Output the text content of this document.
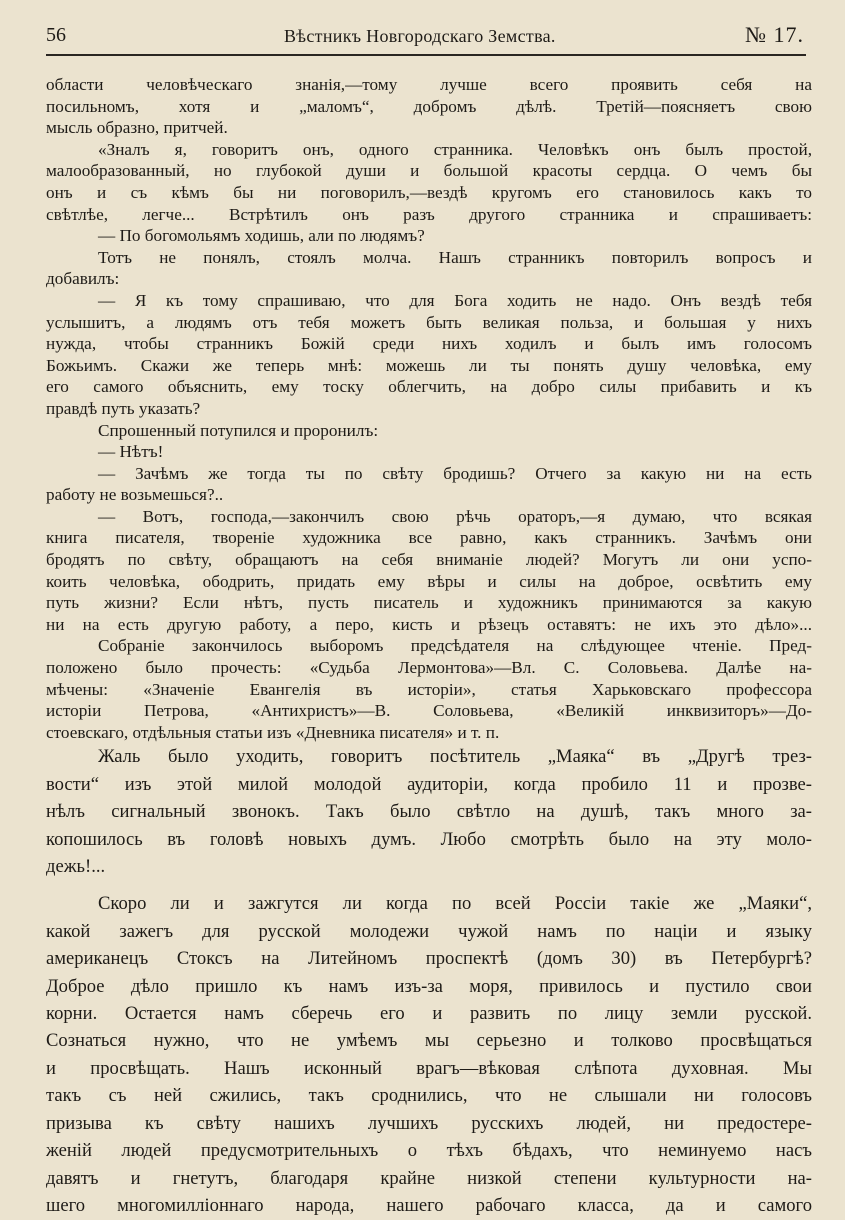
56	Вѣстникъ Новгородскаго Земства.	№ 17.
области человѣческаго знанія,—тому лучше всего проявить себя на
посильномъ, хотя и „маломъ“, добромъ дѣлѣ. Третій—поясняетъ свою
мысль образно, притчей.
«Зналъ я, говоритъ онъ, одного странника. Человѣкъ онъ былъ простой,
малообразованный, но глубокой души и большой красоты сердца. О чемъ бы
онъ и съ кѣмъ бы ни поговорилъ,—вездѣ кругомъ его становилось какъ то
свѣтлѣе, легче... Встрѣтилъ онъ разъ другого странника и спрашиваетъ:
— По богомольямъ ходишь, али по людямъ?
Тотъ не понялъ, стоялъ молча. Нашъ странникъ повторилъ вопросъ и
добавилъ:
— Я къ тому спрашиваю, что для Бога ходить не надо. Онъ вездѣ тебя
услышитъ, а людямъ отъ тебя можетъ быть великая польза, и большая у нихъ
нужда, чтобы странникъ Божій среди нихъ ходилъ и былъ имъ голосомъ
Божьимъ. Скажи же теперь мнѣ: можешь ли ты понять душу человѣка, ему
его самого объяснить, ему тоску облегчить, на добро силы прибавить и къ
правдѣ путь указать?
Спрошенный потупился и проронилъ:
— Нѣтъ!
— Зачѣмъ же тогда ты по свѣту бродишь? Отчего за какую ни на есть
работу не возьмешься?..
— Вотъ, господа,—закончилъ свою рѣчь ораторъ,—я думаю, что всякая
книга писателя, твореніе художника все равно, какъ странникъ. Зачѣмъ они
бродятъ по свѣту, обращаютъ на себя вниманіе людей? Могутъ ли они успо-
коить человѣка, ободрить, придать ему вѣры и силы на доброе, освѣтить ему
путь жизни? Если нѣтъ, пусть писатель и художникъ принимаются за какую
ни на есть другую работу, а перо, кисть и рѣзецъ оставятъ: не ихъ это дѣло»...
Собраніе закончилось выборомъ предсѣдателя на слѣдующее чтеніе. Пред-
положено было прочесть: «Судьба Лермонтова»—Вл. С. Соловьева. Далѣе на-
мѣчены: «Значеніе Евангелія въ исторіи», статья Харьковскаго профессора
исторіи Петрова, «Антихристъ»—В. Соловьева, «Великій инквизиторъ»—До-
стоевскаго, отдѣльныя статьи изъ «Дневника писателя» и т. п.
Жаль было уходить, говоритъ посѣтитель „Маяка“ въ „Другѣ трез-
вости“ изъ этой милой молодой аудиторіи, когда пробило 11 и прозве-
нѣлъ сигнальный звонокъ. Такъ было свѣтло на душѣ, такъ много за-
копошилось въ головѣ новыхъ думъ. Любо смотрѣть было на эту моло-
дежь!...
Скоро ли и зажгутся ли когда по всей Россіи такіе же „Маяки“,
какой зажегъ для русской молодежи чужой намъ по націи и языку
американецъ Стоксъ на Литейномъ проспектѣ (домъ 30) въ Петербургѣ?
Доброе дѣло пришло къ намъ изъ-за моря, привилось и пустило свои
корни. Остается намъ сберечь его и развить по лицу земли русской.
Сознаться нужно, что не умѣемъ мы серьезно и толково просвѣщаться
и просвѣщать. Нашъ исконный врагъ—вѣковая слѣпота духовная. Мы
такъ съ ней сжились, такъ сроднились, что не слышали ни голосовъ
призыва къ свѣту нашихъ лучшихъ русскихъ людей, ни предостере-
женій людей предусмотрительныхъ о тѣхъ бѣдахъ, что неминуемо насъ
давятъ и гнетутъ, благодаря крайне низкой степени культурности на-
шего многомилліоннаго народа, нашего рабочаго класса, да и самого
